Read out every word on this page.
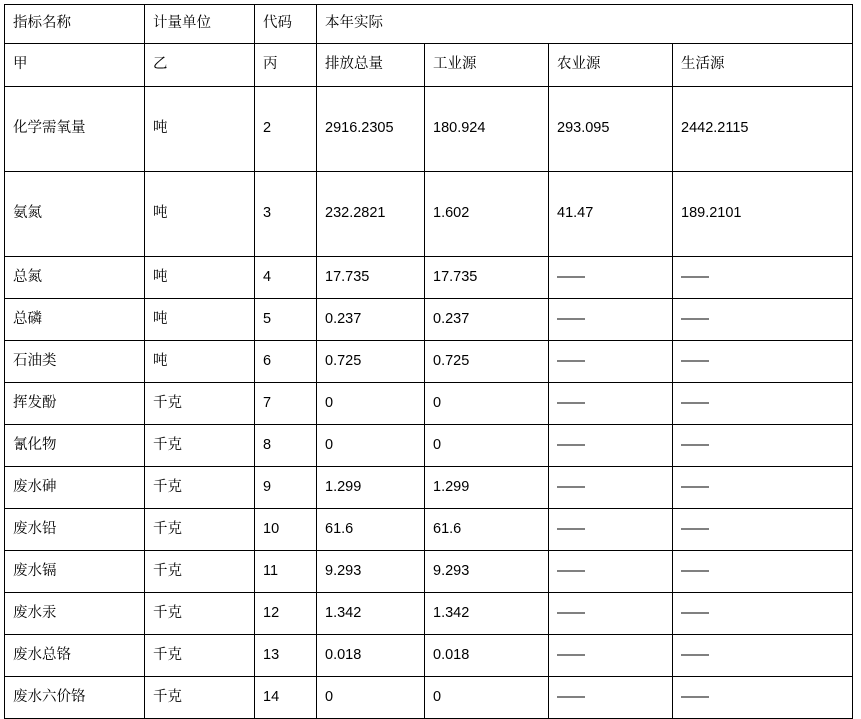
指标名称	计量单位	代码	本年实际			
甲	乙	丙	排放总量	工业源	农业源	生活源
化学需氧量	吨	2	2916.2305	180.924	293.095	2442.2115
氨氮	吨	3	232.2821	1.602	41.47	189.2101
总氮	吨	4	17.735	17.735	——	——
总磷	吨	5	0.237	0.237	——	——
石油类	吨	6	0.725	0.725	——	——
挥发酚	千克	7	0	0	——	——
氰化物	千克	8	0	0	——	——
废水砷	千克	9	1.299	1.299	——	——
废水铅	千克	10	61.6	61.6	——	——
废水镉	千克	11	9.293	9.293	——	——
废水汞	千克	12	1.342	1.342	——	——
废水总铬	千克	13	0.018	0.018	——	——
废水六价铬	千克	14	0	0	——	——
